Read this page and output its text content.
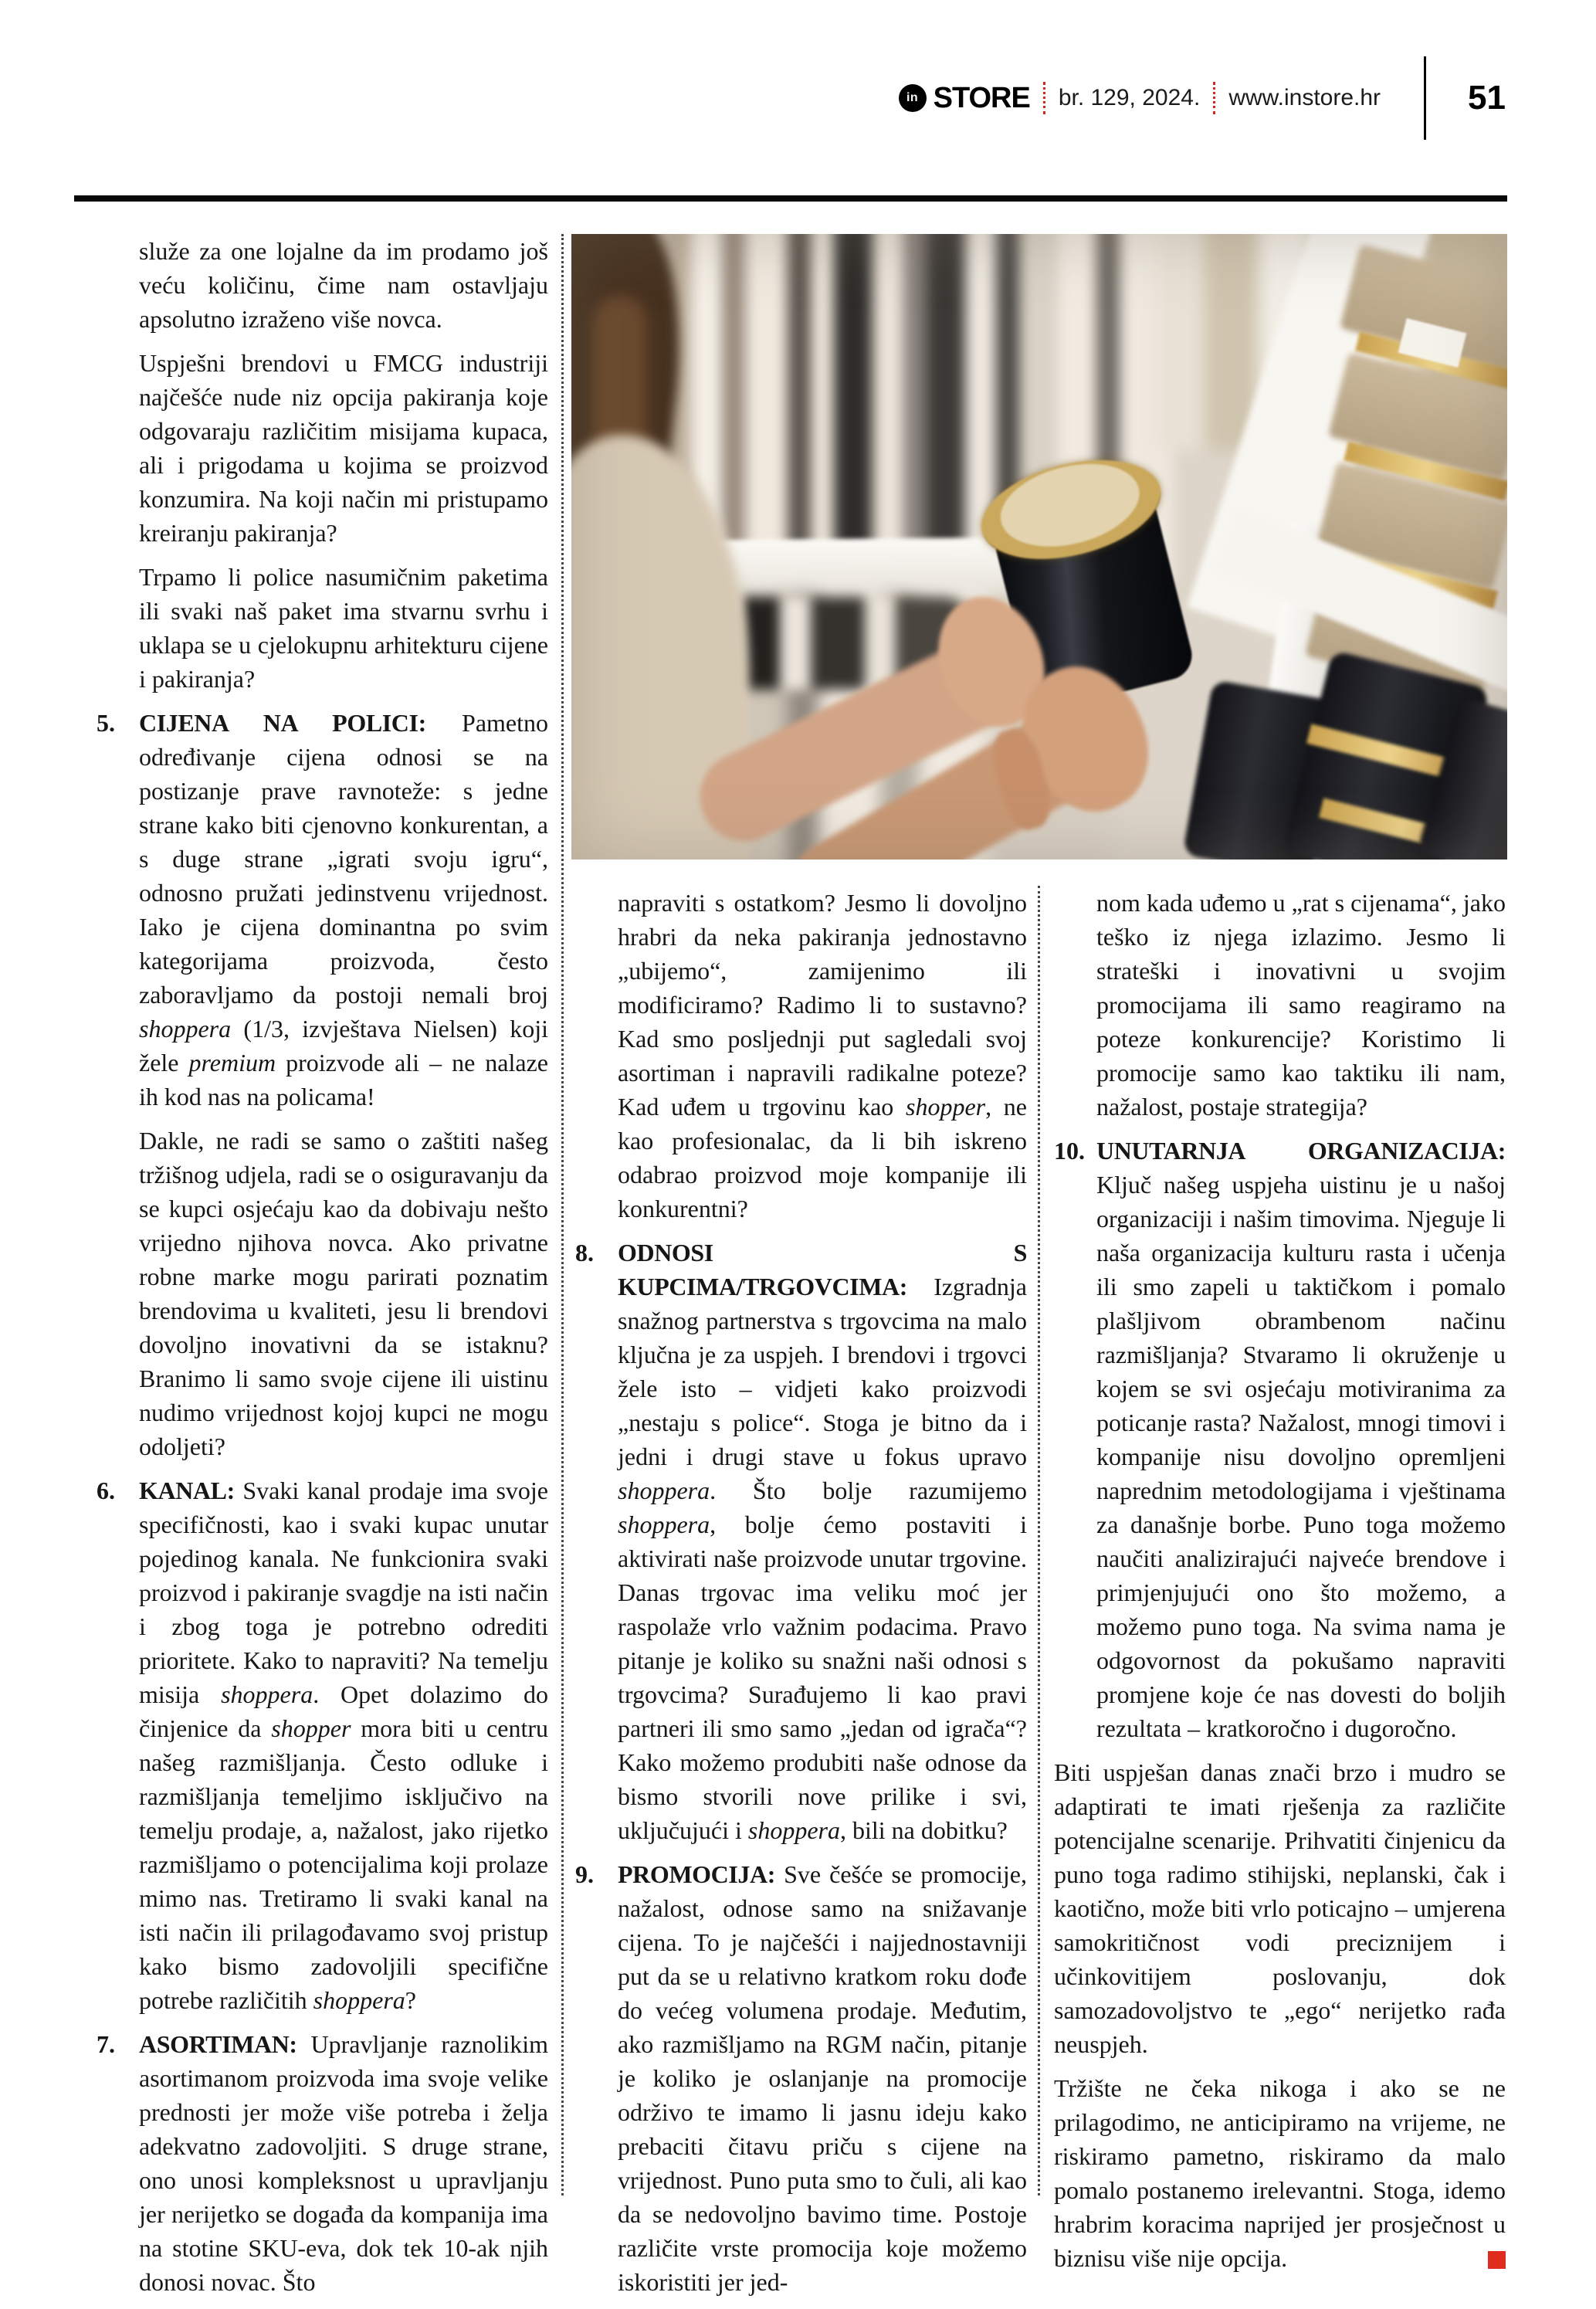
in STORE br. 129, 2024. www.instore.hr	51

služe za one lojalne da im prodamo još veću količinu, čime nam ostavljaju apsolutno izraženo više novca.

Uspješni brendovi u FMCG industriji najčešće nude niz opcija pakiranja koje odgovaraju različitim misijama kupaca, ali i prigodama u kojima se proizvod konzumira. Na koji način mi pristupamo kreiranju pakiranja?

Trpamo li police nasumičnim paketima ili svaki naš paket ima stvarnu svrhu i uklapa se u cjelokupnu arhitekturu cijene i pakiranja?

5. CIJENA NA POLICI: Pametno određivanje cijena odnosi se na postizanje prave ravnoteže: s jedne strane kako biti cjenovno konkurentan, a s duge strane „igrati svoju igru“, odnosno pružati jedinstvenu vrijednost. Iako je cijena dominantna po svim kategorijama proizvoda, često zaboravljamo da postoji nemali broj shoppera (1/3, izvještava Nielsen) koji žele premium proizvode ali – ne nalaze ih kod nas na policama!

Dakle, ne radi se samo o zaštiti našeg tržišnog udjela, radi se o osiguravanju da se kupci osjećaju kao da dobivaju nešto vrijedno njihova novca. Ako privatne robne marke mogu parirati poznatim brendovima u kvaliteti, jesu li brendovi dovoljno inovativni da se istaknu? Branimo li samo svoje cijene ili uistinu nudimo vrijednost kojoj kupci ne mogu odoljeti?

6. KANAL: Svaki kanal prodaje ima svoje specifičnosti, kao i svaki kupac unutar pojedinog kanala. Ne funkcionira svaki proizvod i pakiranje svagdje na isti način i zbog toga je potrebno odrediti prioritete. Kako to napraviti? Na temelju misija shoppera. Opet dolazimo do činjenice da shopper mora biti u centru našeg razmišljanja. Često odluke i razmišljanja temeljimo isključivo na temelju prodaje, a, nažalost, jako rijetko razmišljamo o potencijalima koji prolaze mimo nas. Tretiramo li svaki kanal na isti način ili prilagođavamo svoj pristup kako bismo zadovoljili specifične potrebe različitih shoppera?
7. ASORTIMAN: Upravljanje raznolikim asortimanom proizvoda ima svoje velike prednosti jer može više potreba i želja adekvatno zadovoljiti. S druge strane, ono unosi kompleksnost u upravljanju jer nerijetko se događa da kompanija ima na stotine SKU-eva, dok tek 10-ak njih donosi novac. Što

napraviti s ostatkom? Jesmo li dovoljno hrabri da neka pakiranja jednostavno „ubijemo“, zamijenimo ili modificiramo? Radimo li to sustavno? Kad smo posljednji put sagledali svoj asortiman i napravili radikalne poteze? Kad uđem u trgovinu kao shopper, ne kao profesionalac, da li bih iskreno odabrao proizvod moje kompanije ili konkurentni?

8. ODNOSI S KUPCIMA/TRGOVCIMA: Izgradnja snažnog partnerstva s trgovcima na malo ključna je za uspjeh. I brendovi i trgovci žele isto – vidjeti kako proizvodi „nestaju s police“. Stoga je bitno da i jedni i drugi stave u fokus upravo shoppera. Što bolje razumijemo shoppera, bolje ćemo postaviti i aktivirati naše proizvode unutar trgovine. Danas trgovac ima veliku moć jer raspolaže vrlo važnim podacima. Pravo pitanje je koliko su snažni naši odnosi s trgovcima? Surađujemo li kao pravi partneri ili smo samo „jedan od igrača“? Kako možemo produbiti naše odnose da bismo stvorili nove prilike i svi, uključujući i shoppera, bili na dobitku?
9. PROMOCIJA: Sve češće se promocije, nažalost, odnose samo na snižavanje cijena. To je najčešći i najjednostavniji put da se u relativno kratkom roku dođe do većeg volumena prodaje. Međutim, ako razmišljamo na RGM način, pitanje je koliko je oslanjanje na promocije održivo te imamo li jasnu ideju kako prebaciti čitavu priču s cijene na vrijednost. Puno puta smo to čuli, ali kao da se nedovoljno bavimo time. Postoje različite vrste promocija koje možemo iskoristiti jer jed-

nom kada uđemo u „rat s cijenama“, jako teško iz njega izlazimo. Jesmo li strateški i inovativni u svojim promocijama ili samo reagiramo na poteze konkurencije? Koristimo li promocije samo kao taktiku ili nam, nažalost, postaje strategija?

10. UNUTARNJA ORGANIZACIJA: Ključ našeg uspjeha uistinu je u našoj organizaciji i našim timovima. Njeguje li naša organizacija kulturu rasta i učenja ili smo zapeli u taktičkom i pomalo plašljivom obrambenom načinu razmišljanja? Stvaramo li okruženje u kojem se svi osjećaju motiviranima za poticanje rasta? Nažalost, mnogi timovi i kompanije nisu dovoljno opremljeni naprednim metodologijama i vještinama za današnje borbe. Puno toga možemo naučiti analizirajući najveće brendove i primjenjujući ono što možemo, a možemo puno toga. Na svima nama je odgovornost da pokušamo napraviti promjene koje će nas dovesti do boljih rezultata – kratkoročno i dugoročno.

Biti uspješan danas znači brzo i mudro se adaptirati te imati rješenja za različite potencijalne scenarije. Prihvatiti činjenicu da puno toga radimo stihijski, neplanski, čak i kaotično, može biti vrlo poticajno – umjerena samokritičnost vodi preciznijem i učinkovitijem poslovanju, dok samozadovoljstvo te „ego“ nerijetko rađa neuspjeh.

Tržište ne čeka nikoga i ako se ne prilagodimo, ne anticipiramo na vrijeme, ne riskiramo pametno, riskiramo da malo pomalo postanemo irelevantni. Stoga, idemo hrabrim koracima naprijed jer prosječnost u biznisu više nije opcija.
